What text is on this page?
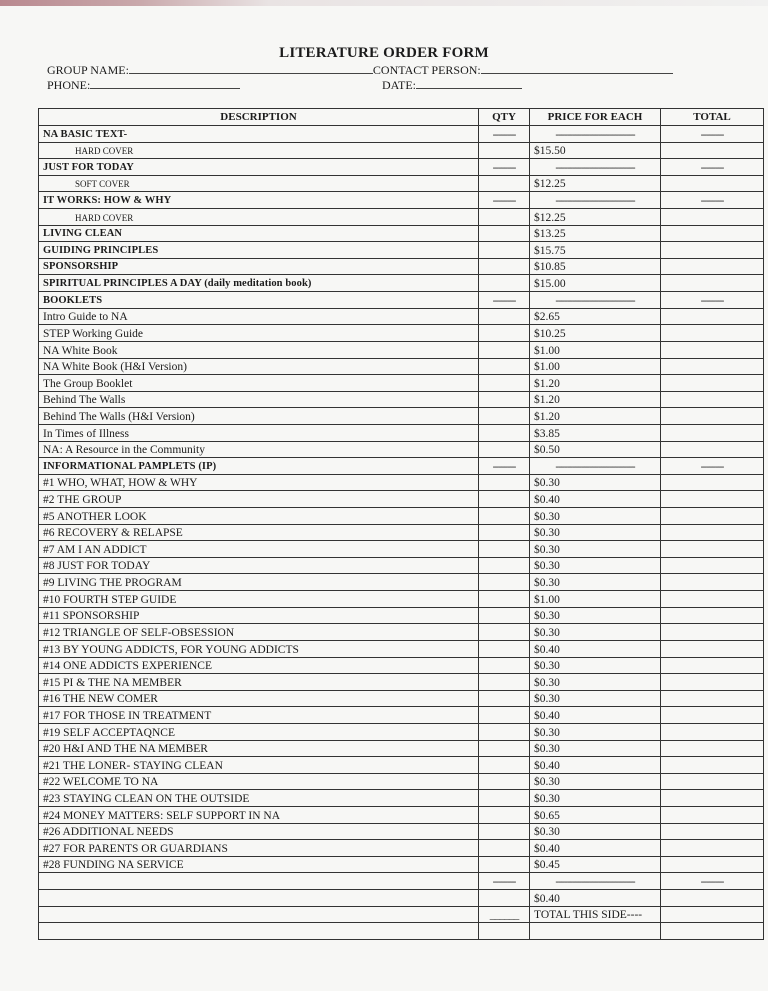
LITERATURE ORDER FORM
GROUP NAME:	CONTACT PERSON:
PHONE:	DATE:
DESCRIPTION	QTY	PRICE FOR EACH	TOTAL
NA BASIC TEXT-	--------	----------------------------	--------
HARD COVER		$15.50	
JUST FOR TODAY	--------	----------------------------	--------
SOFT COVER		$12.25	
IT WORKS: HOW & WHY	--------	----------------------------	--------
HARD COVER		$12.25	
LIVING CLEAN		$13.25	
GUIDING PRINCIPLES		$15.75	
SPONSORSHIP		$10.85	
SPIRITUAL PRINCIPLES A DAY (daily meditation book)		$15.00	
BOOKLETS	--------	----------------------------	--------
Intro Guide to NA		$2.65	
STEP Working Guide		$10.25	
NA White Book		$1.00	
NA White Book (H&I Version)		$1.00	
The Group Booklet		$1.20	
Behind The Walls		$1.20	
Behind The Walls (H&I Version)		$1.20	
In Times of Illness		$3.85	
NA: A Resource in the Community		$0.50	
INFORMATIONAL PAMPLETS (IP)	--------	----------------------------	--------
#1 WHO, WHAT, HOW & WHY		$0.30	
#2 THE GROUP		$0.40	
#5 ANOTHER LOOK		$0.30	
#6 RECOVERY & RELAPSE		$0.30	
#7 AM I AN ADDICT		$0.30	
#8 JUST FOR TODAY		$0.30	
#9 LIVING THE PROGRAM		$0.30	
#10 FOURTH STEP GUIDE		$1.00	
#11 SPONSORSHIP		$0.30	
#12 TRIANGLE OF SELF-OBSESSION		$0.30	
#13 BY YOUNG ADDICTS, FOR YOUNG ADDICTS		$0.40	
#14 ONE ADDICTS EXPERIENCE		$0.30	
#15 PI & THE NA MEMBER		$0.30	
#16 THE NEW COMER		$0.30	
#17 FOR THOSE IN TREATMENT		$0.40	
#19 SELF ACCEPTAQNCE		$0.30	
#20 H&I AND THE NA MEMBER		$0.30	
#21 THE LONER- STAYING CLEAN		$0.40	
#22 WELCOME TO NA		$0.30	
#23 STAYING CLEAN ON THE OUTSIDE		$0.30	
#24 MONEY MATTERS: SELF SUPPORT IN NA		$0.65	
#26 ADDITIONAL NEEDS		$0.30	
#27 FOR PARENTS OR GUARDIANS		$0.40	
#28 FUNDING NA SERVICE		$0.45	
	--------	----------------------------	--------
		$0.40	
	______	TOTAL THIS SIDE----	
